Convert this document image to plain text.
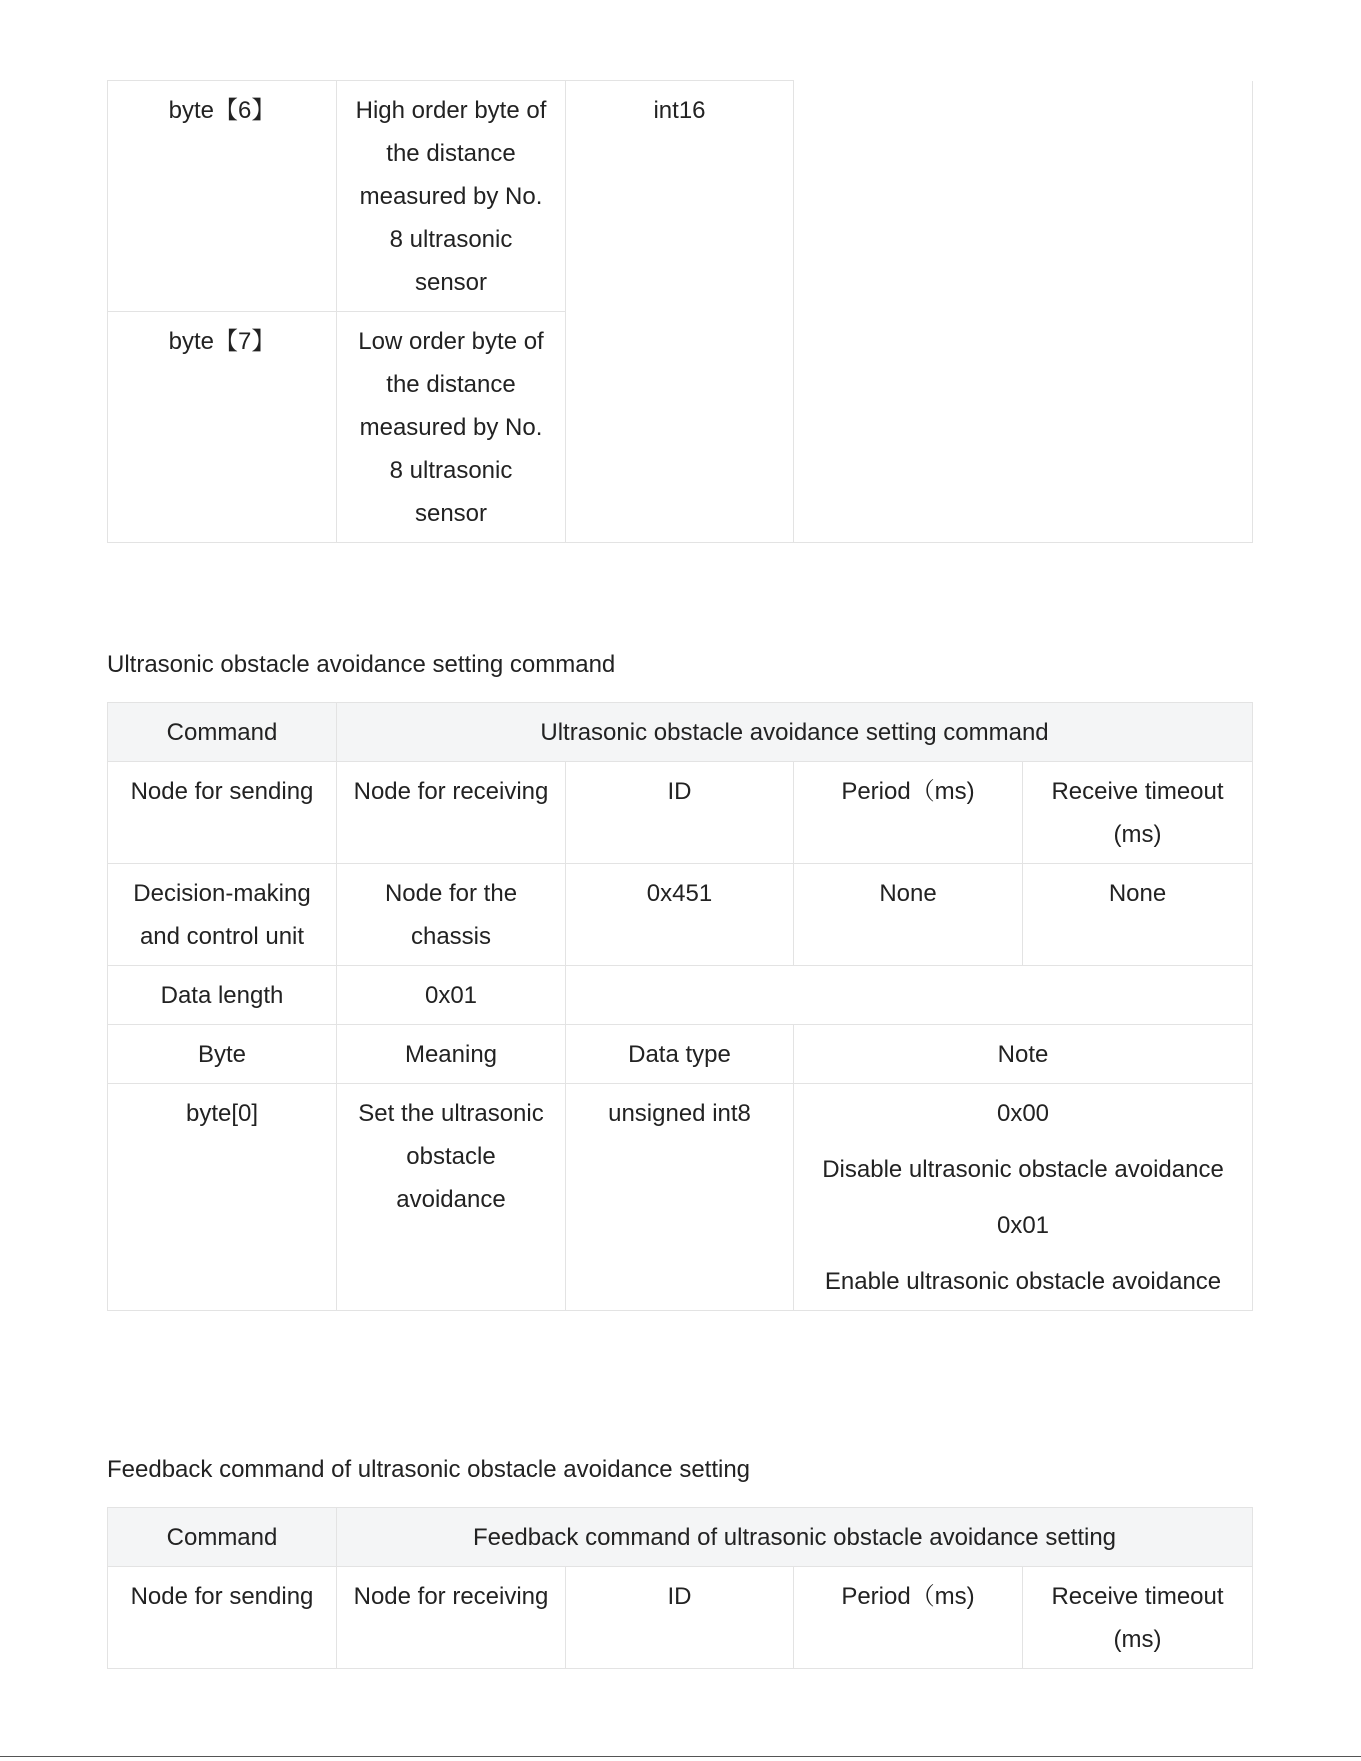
byte【6】	High order byte of the distance measured by No. 8 ultrasonic sensor	int16	
byte【7】	Low order byte of the distance measured by No. 8 ultrasonic sensor		
Ultrasonic obstacle avoidance setting command
Command	Ultrasonic obstacle avoidance setting command			
Node for sending	Node for receiving	ID	Period（ms)	Receive timeout (ms)
Decision-making and control unit	Node for the chassis	0x451	None	None
Data length	0x01			
Byte	Meaning	Data type	Note	
byte[0]	Set the ultrasonic obstacle avoidance	unsigned int8	0x00

Disable ultrasonic obstacle avoidance

0x01

Enable ultrasonic obstacle avoidance	

Feedback command of ultrasonic obstacle avoidance setting
Command	Feedback command of ultrasonic obstacle avoidance setting			
Node for sending	Node for receiving	ID	Period（ms)	Receive timeout (ms)
